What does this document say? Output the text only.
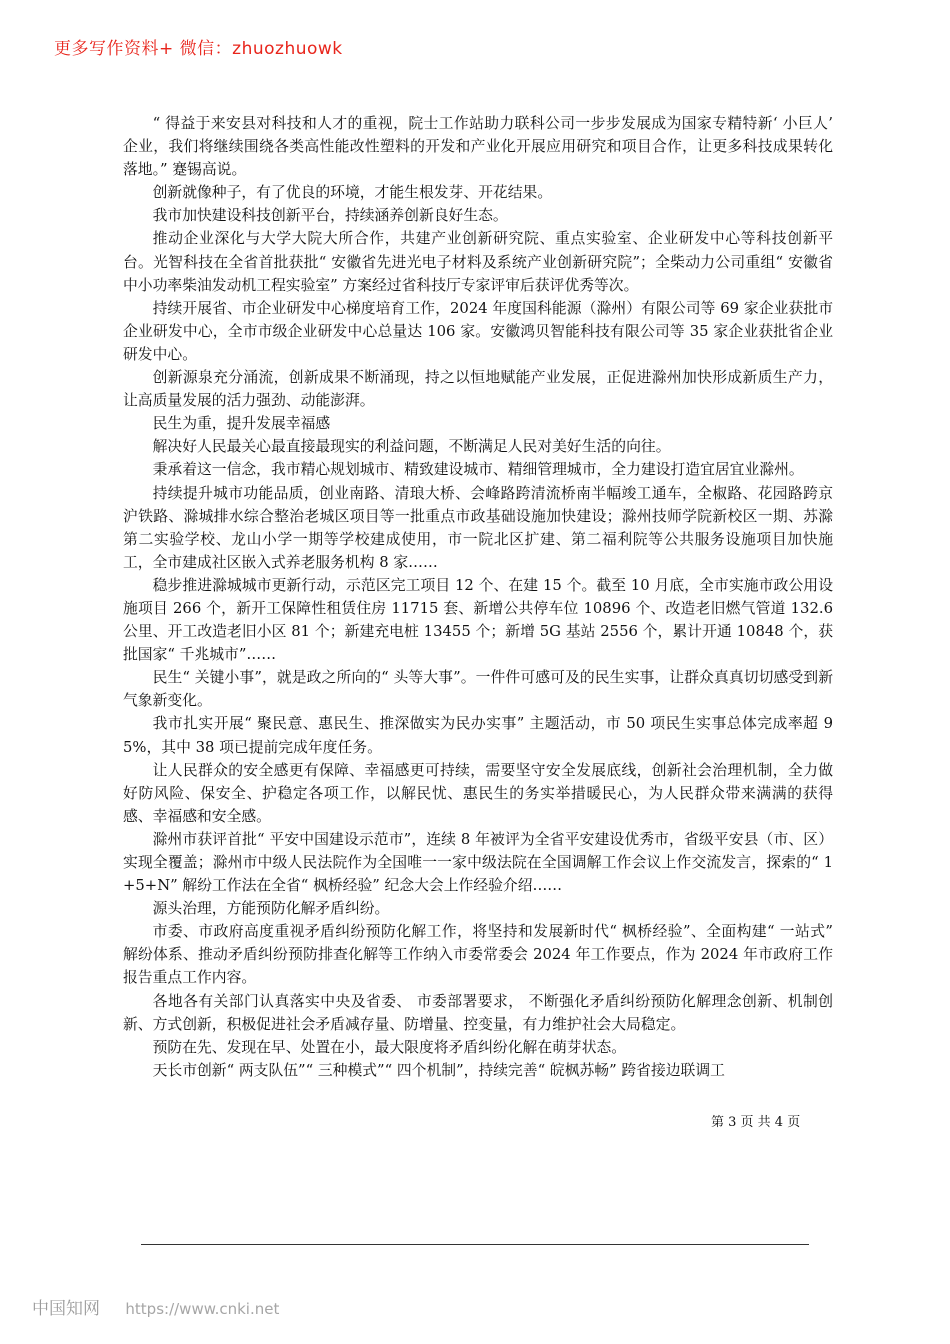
更多写作资料+ 微信：zhuozhuowk

“ 得益于来安县对科技和人才的重视，院士工作站助力联科公司一步步发展成为国家专精特新‘ 小巨人’ 企业，我们将继续围绕各类高性能改性塑料的开发和产业化开展应用研究和项目合作，让更多科技成果转化落地。” 蹇锡高说。

创新就像种子，有了优良的环境，才能生根发芽、开花结果。

我市加快建设科技创新平台，持续涵养创新良好生态。

推动企业深化与大学大院大所合作，共建产业创新研究院、重点实验室、企业研发中心等科技创新平台。光智科技在全省首批获批“ 安徽省先进光电子材料及系统产业创新研究院”；全柴动力公司重组“ 安徽省中小功率柴油发动机工程实验室” 方案经过省科技厅专家评审后获评优秀等次。

持续开展省、市企业研发中心梯度培育工作，2024 年度国科能源（滁州）有限公司等 69 家企业获批市企业研发中心，全市市级企业研发中心总量达 106 家。安徽鸿贝智能科技有限公司等 35 家企业获批省企业研发中心。

创新源泉充分涌流，创新成果不断涌现，持之以恒地赋能产业发展，正促进滁州加快形成新质生产力，让高质量发展的活力强劲、动能澎湃。

民生为重，提升发展幸福感

解决好人民最关心最直接最现实的利益问题，不断满足人民对美好生活的向往。

秉承着这一信念，我市精心规划城市、精致建设城市、精细管理城市，全力建设打造宜居宜业滁州。

持续提升城市功能品质，创业南路、清琅大桥、会峰路跨清流桥南半幅竣工通车，全椒路、花园路跨京沪铁路、滁城排水综合整治老城区项目等一批重点市政基础设施加快建设；滁州技师学院新校区一期、苏滁第二实验学校、龙山小学一期等学校建成使用，市一院北区扩建、第二福利院等公共服务设施项目加快施工，全市建成社区嵌入式养老服务机构 8 家……

稳步推进滁城城市更新行动，示范区完工项目 12 个、在建 15 个。截至 10 月底，全市实施市政公用设施项目 266 个，新开工保障性租赁住房 11715 套、新增公共停车位 10896 个、改造老旧燃气管道 132.6 公里、开工改造老旧小区 81 个；新建充电桩 13455 个；新增 5G 基站 2556 个，累计开通 10848 个，获批国家“ 千兆城市”……

民生“ 关键小事”，就是政之所向的“ 头等大事”。一件件可感可及的民生实事，让群众真真切切感受到新气象新变化。

我市扎实开展“ 聚民意、惠民生、推深做实为民办实事” 主题活动，市 50 项民生实事总体完成率超 95%，其中 38 项已提前完成年度任务。

让人民群众的安全感更有保障、幸福感更可持续，需要坚守安全发展底线，创新社会治理机制，全力做好防风险、保安全、护稳定各项工作，以解民忧、惠民生的务实举措暖民心，为人民群众带来满满的获得感、幸福感和安全感。

滁州市获评首批“ 平安中国建设示范市”，连续 8 年被评为全省平安建设优秀市，省级平安县（市、区）实现全覆盖；滁州市中级人民法院作为全国唯一一家中级法院在全国调解工作会议上作交流发言，探索的“ 1+5+N” 解纷工作法在全省“ 枫桥经验” 纪念大会上作经验介绍……

源头治理，方能预防化解矛盾纠纷。

市委、市政府高度重视矛盾纠纷预防化解工作，将坚持和发展新时代“ 枫桥经验”、全面构建“ 一站式” 解纷体系、推动矛盾纠纷预防排查化解等工作纳入市委常委会 2024 年工作要点，作为 2024 年市政府工作报告重点工作内容。

各地各有关部门认真落实中央及省委、 市委部署要求， 不断强化矛盾纠纷预防化解理念创新、机制创新、方式创新，积极促进社会矛盾减存量、防增量、控变量，有力维护社会大局稳定。

预防在先、发现在早、处置在小，最大限度将矛盾纠纷化解在萌芽状态。

天长市创新“ 两支队伍”“ 三种模式”“ 四个机制”，持续完善“ 皖枫苏畅” 跨省接边联调工

第 3 页 共 4 页
中国知网 https://www.cnki.net
